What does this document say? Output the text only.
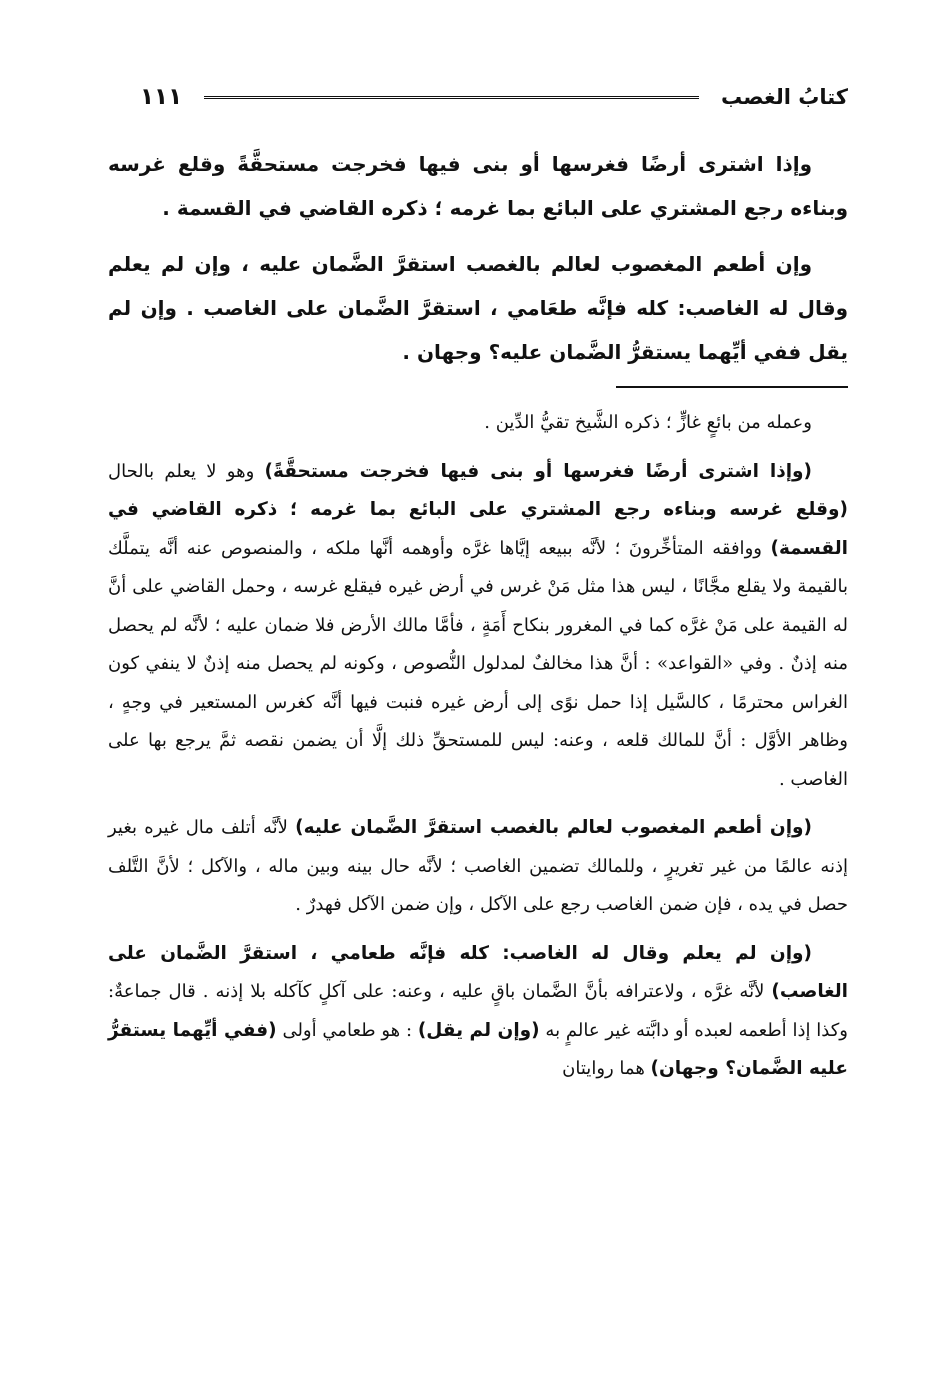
كتابُ الغصب
١١١

وإذا اشترى أرضًا فغرسها أو بنى فيها فخرجت مستحقَّةً وقلع غرسه وبناءه رجع المشتري على البائع بما غرمه ؛ ذكره القاضي في القسمة .

وإن أطعم المغصوب لعالم بالغصب استقرَّ الضَّمان عليه ، وإن لم يعلم وقال له الغاصب: كله فإنَّه طعَامي ، استقرَّ الضَّمان على الغاصب . وإن لم يقل ففي أيِّهما يستقرُّ الضَّمان عليه؟ وجهان .

وعمله من بائعٍ غازٍّ ؛ ذكره الشَّيخ تقيُّ الدِّين .

(وإذا اشترى أرضًا فغرسها أو بنى فيها فخرجت مستحقَّةً) وهو لا يعلم بالحال (وقلع غرسه وبناءه رجع المشتري على البائع بما غرمه ؛ ذكره القاضي في القسمة) ووافقه المتأخِّرونَ ؛ لأنَّه ببيعه إيَّاها غرَّه وأوهمه أنَّها ملكه ، والمنصوص عنه أنَّه يتملَّك بالقيمة ولا يقلع مجَّانًا ، ليس هذا مثل مَنْ غرس في أرض غيره فيقلع غرسه ، وحمل القاضي على أنَّ له القيمة على مَنْ غرَّه كما في المغرور بنكاح أَمَةٍ ، فأمَّا مالك الأرض فلا ضمان عليه ؛ لأنَّه لم يحصل منه إذنٌ . وفي «القواعد» : أنَّ هذا مخالفٌ لمدلول النُّصوص ، وكونه لم يحصل منه إذنٌ لا ينفي كون الغراس محترمًا ، كالسَّيل إذا حمل نوًى إلى أرض غيره فنبت فيها أنَّه كغرس المستعير في وجهٍ ، وظاهر الأوَّل : أنَّ للمالك قلعه ، وعنه: ليس للمستحقِّ ذلك إلَّا أن يضمن نقصه ثمَّ يرجع بها على الغاصب .

(وإن أطعم المغصوب لعالم بالغصب استقرَّ الضَّمان عليه) لأنَّه أتلف مال غيره بغير إذنه عالمًا من غير تغريرٍ ، وللمالك تضمين الغاصب ؛ لأنَّه حال بينه وبين ماله ، والآكل ؛ لأنَّ التَّلف حصل في يده ، فإن ضمن الغاصب رجع على الآكل ، وإن ضمن الآكل فهدرٌ .

(وإن لم يعلم وقال له الغاصب: كله فإنَّه طعامي ، استقرَّ الضَّمان على الغاصب) لأنَّه غرَّه ، ولاعترافه بأنَّ الضَّمان باقٍ عليه ، وعنه: على آكلٍ كآكله بلا إذنه . قال جماعةٌ: وكذا إذا أطعمه لعبده أو دابَّته غير عالمٍ به (وإن لم يقل) : هو طعامي أولى (ففي أيِّهما يستقرُّ عليه الضَّمان؟ وجهان) هما روايتان
